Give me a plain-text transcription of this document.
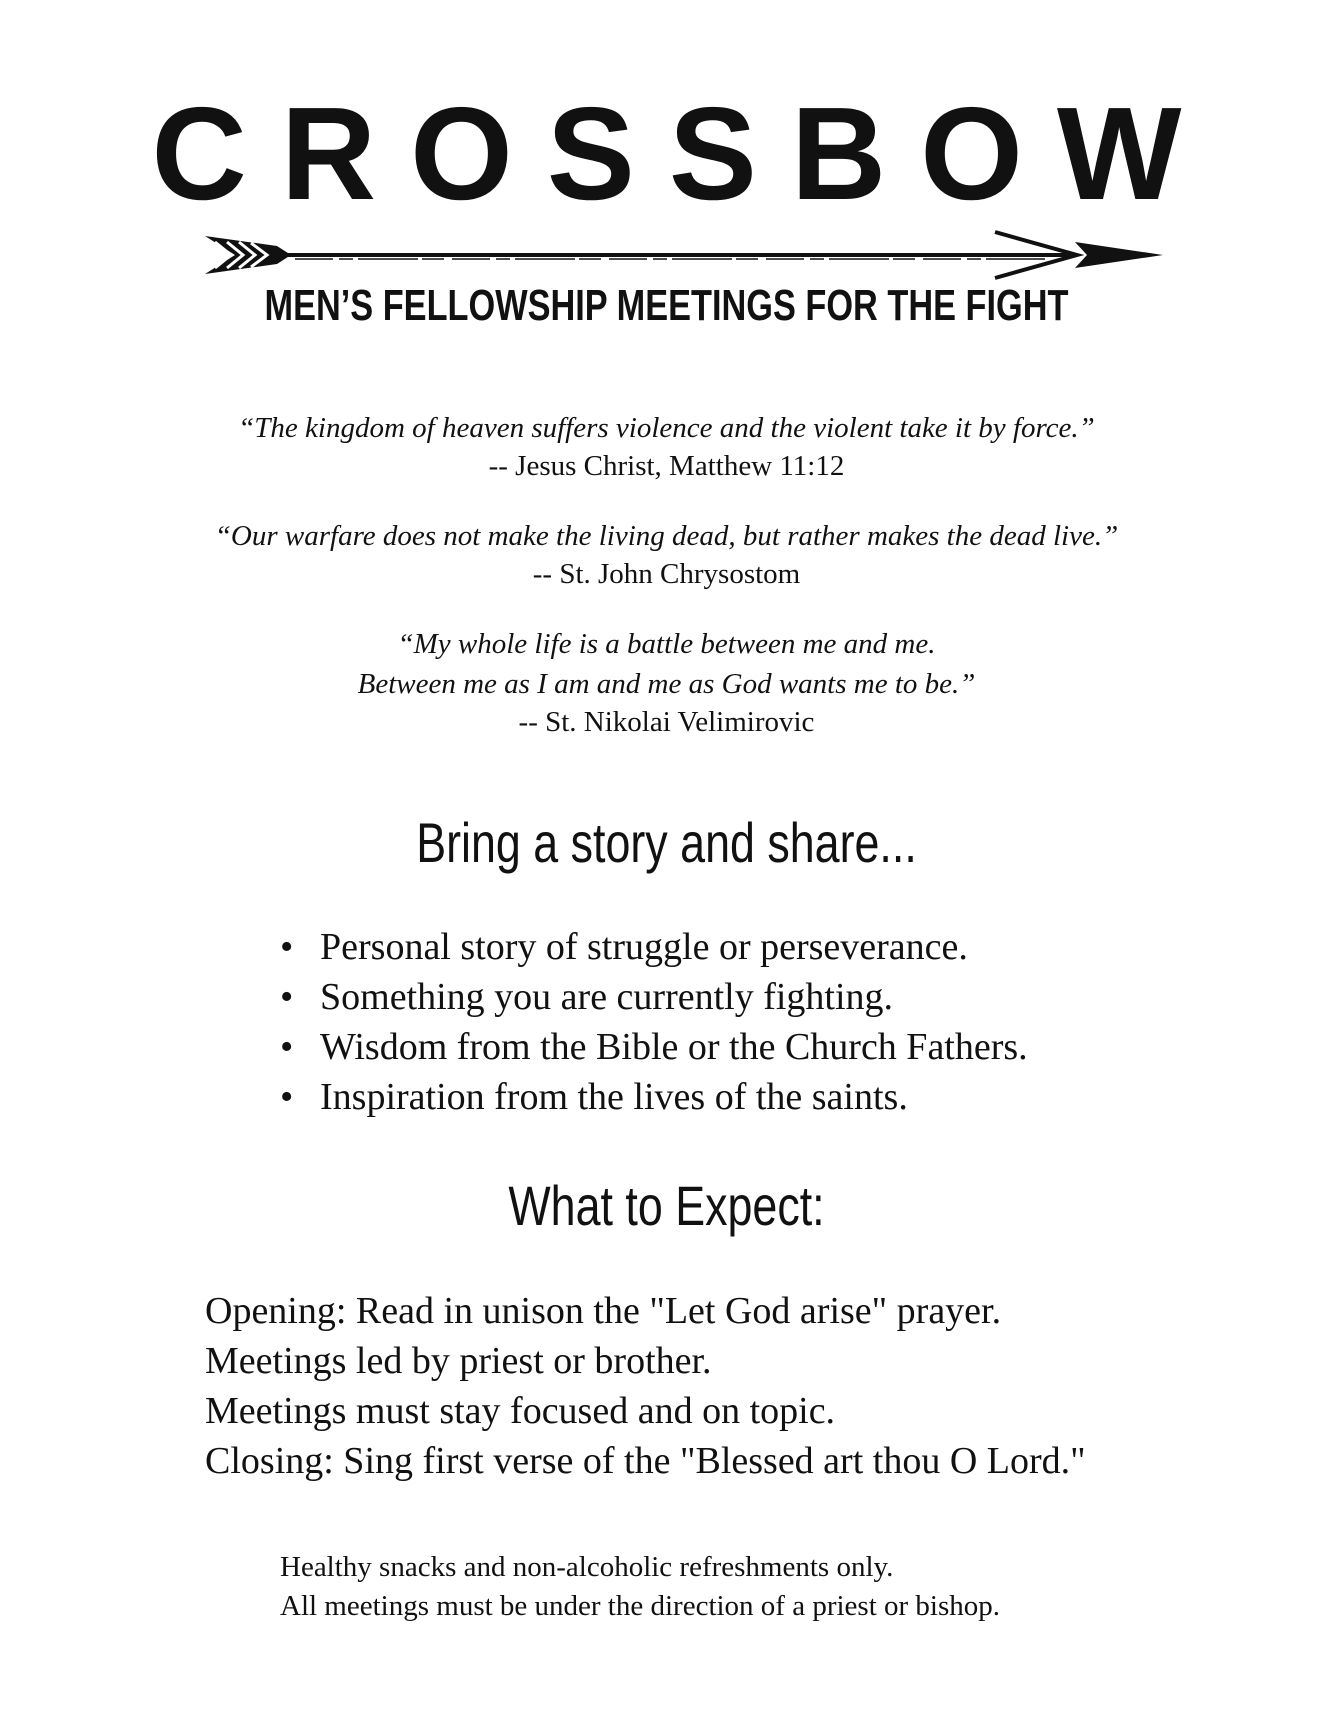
CROSSBOW
MEN’S FELLOWSHIP MEETINGS FOR THE FIGHT

“The kingdom of heaven suffers violence and the violent take it by force.”

-- Jesus Christ, Matthew 11:12

“Our warfare does not make the living dead, but rather makes the dead live.”

-- St. John Chrysostom

“My whole life is a battle between me and me.

Between me as I am and me as God wants me to be.”

-- St. Nikolai Velimirovic

Bring a story and share...
• Personal story of struggle or perseverance.
• Something you are currently fighting.
• Wisdom from the Bible or the Church Fathers.
• Inspiration from the lives of the saints.
What to Expect:
Opening: Read in unison the "Let God arise" prayer.
Meetings led by priest or brother.
Meetings must stay focused and on topic.
Closing: Sing first verse of the "Blessed art thou O Lord."
Healthy snacks and non-alcoholic refreshments only.
All meetings must be under the direction of a priest or bishop.
